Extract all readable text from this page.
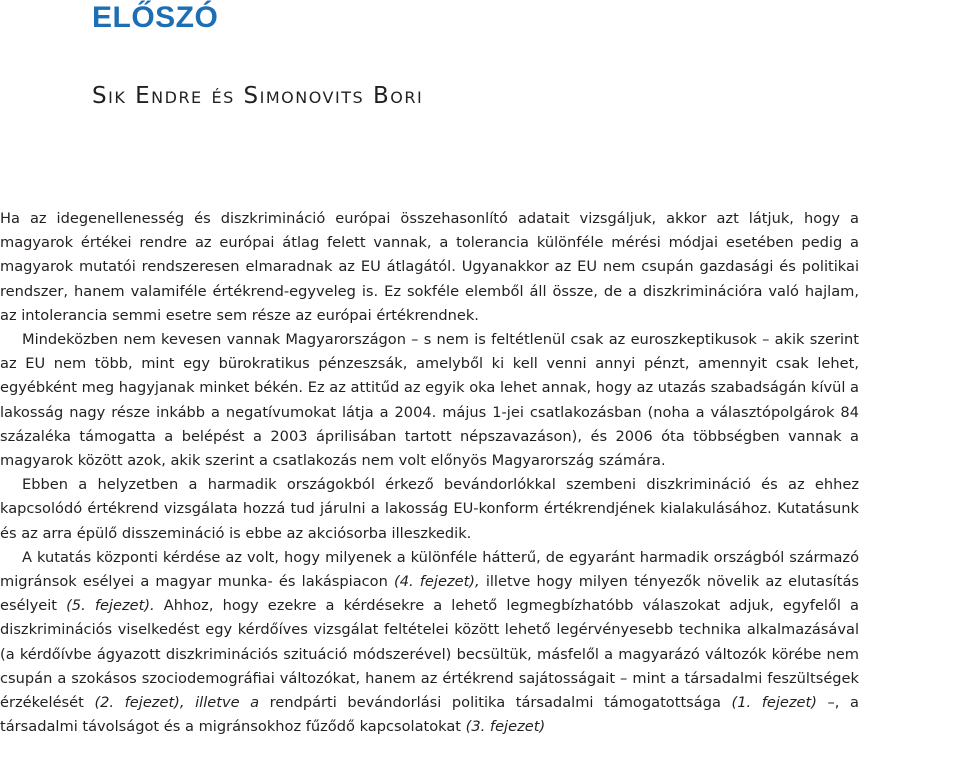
ELŐSZÓ
Sik Endre és Simonovits Bori

Ha az idegenellenesség és diszkrimináció európai összehasonlító adatait vizsgáljuk, akkor azt látjuk, hogy a magyarok értékei rendre az európai átlag felett vannak, a tolerancia különféle mérési módjai esetében pedig a magyarok mutatói rendszeresen elmaradnak az EU átlagától. Ugyanakkor az EU nem csupán gazdasági és politikai rendszer, hanem valamiféle értékrend-egyveleg is. Ez sokféle elemből áll össze, de a diszkriminációra való hajlam, az intolerancia semmi esetre sem része az európai értékrendnek.

Mindeközben nem kevesen vannak Magyarországon – s nem is feltétlenül csak az euroszkeptikusok – akik szerint az EU nem több, mint egy bürokratikus pénzeszsák, amelyből ki kell venni annyi pénzt, amennyit csak lehet, egyébként meg hagyjanak minket békén. Ez az attitűd az egyik oka lehet annak, hogy az utazás szabadságán kívül a lakosság nagy része inkább a negatívumokat látja a 2004. május 1-jei csatlakozásban (noha a választópolgárok 84 százaléka támogatta a belépést a 2003 áprilisában tartott népszavazáson), és 2006 óta többségben vannak a magyarok között azok, akik szerint a csatlakozás nem volt előnyös Magyarország számára.

Ebben a helyzetben a harmadik országokból érkező bevándorlókkal szembeni diszkrimináció és az ehhez kapcsolódó értékrend vizsgálata hozzá tud járulni a lakosság EU-konform értékrendjének kialakulásához. Kutatásunk és az arra épülő disszemináció is ebbe az akciósorba illeszkedik.

A kutatás központi kérdése az volt, hogy milyenek a különféle hátterű, de egyaránt harmadik országból származó migránsok esélyei a magyar munka- és lakáspiacon (4. fejezet), illetve hogy milyen tényezők növelik az elutasítás esélyeit (5. fejezet). Ahhoz, hogy ezekre a kérdésekre a lehető legmegbízhatóbb válaszokat adjuk, egyfelől a diszkriminációs viselkedést egy kérdőíves vizsgálat feltételei között lehető legérvényesebb technika alkalmazásával (a kérdőívbe ágyazott diszkriminációs szituáció módszerével) becsültük, másfelől a magyarázó változók körébe nem csupán a szokásos szociodemográfiai változókat, hanem az értékrend sajátosságait – mint a társadalmi feszültségek érzékelését (2. fejezet), illetve a rendpárti bevándorlási politika társadalmi támogatottsága (1. fejezet) –, a társadalmi távolságot és a migránsokhoz fűződő kapcsolatokat (3. fejezet)
